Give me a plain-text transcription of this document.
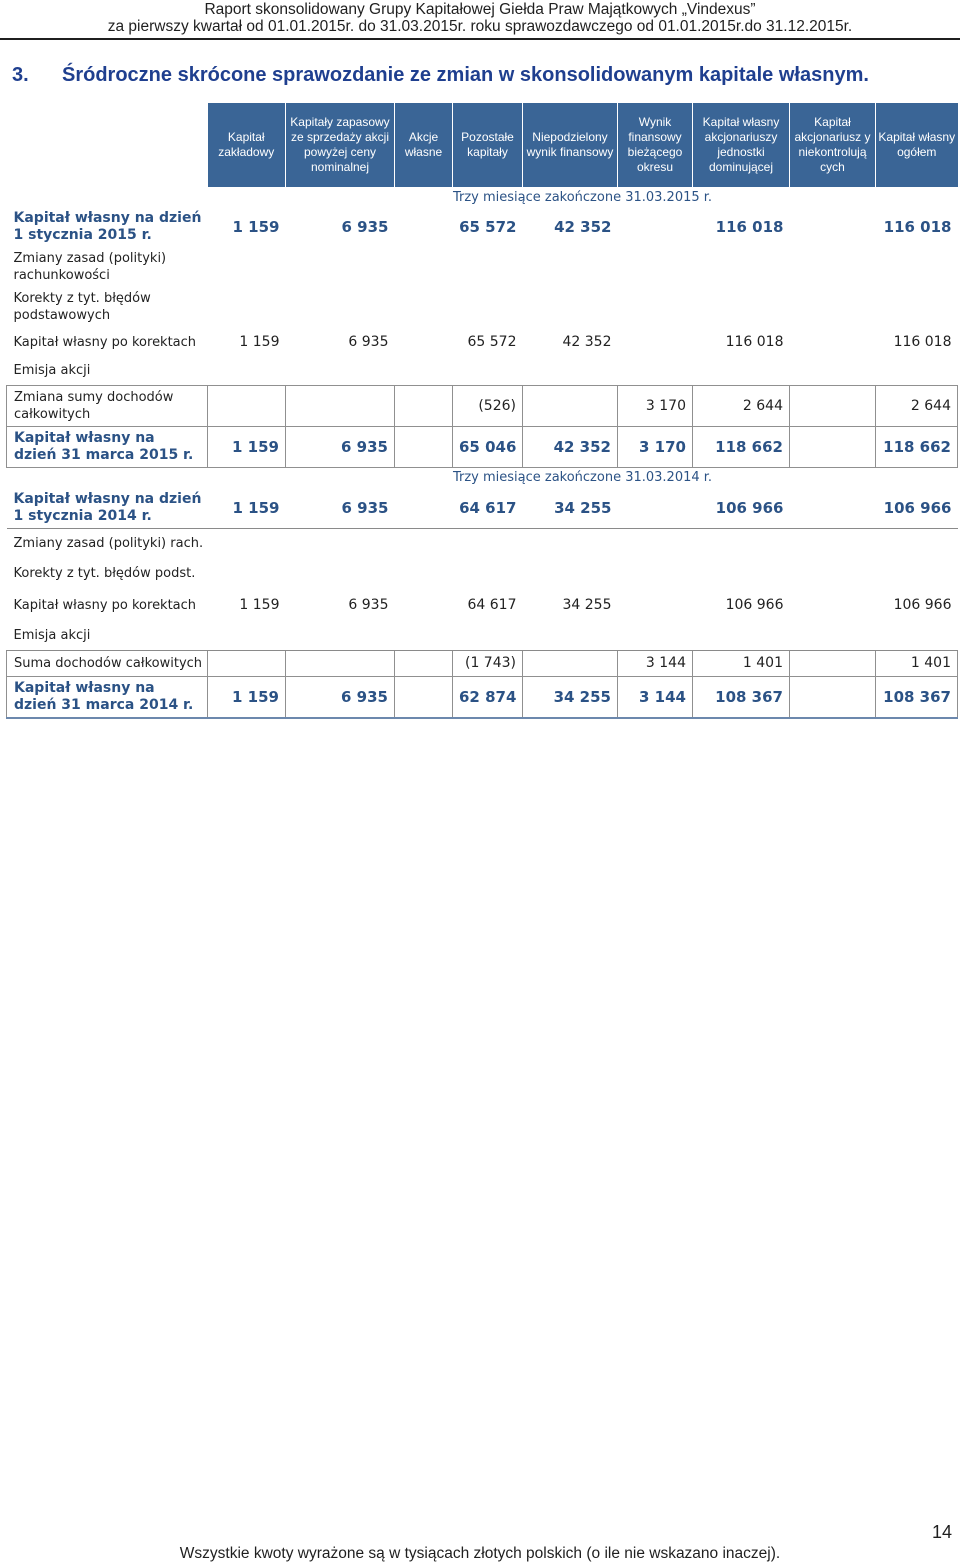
Raport skonsolidowany Grupy Kapitałowej Giełda Praw Majątkowych „Vindexus”
za pierwszy kwartał od 01.01.2015r. do 31.03.2015r. roku sprawozdawczego od 01.01.2015r.do 31.12.2015r.
3. Śródroczne skrócone sprawozdanie ze zmian w skonsolidowanym kapitale własnym.
	Kapitał zakładowy	Kapitały zapasowy ze sprzedaży akcji powyżej ceny nominalnej	Akcje własne	Pozostałe kapitały	Niepodzielony wynik finansowy	Wynik finansowy bieżącego okresu	Kapitał własny akcjonariuszy jednostki dominującej	Kapitał akcjonariusz y niekontrolują cych	Kapitał własny ogółem
	Trzy miesiące zakończone 31.03.2015 r.								
Kapitał własny na dzień 1 stycznia 2015 r.	1 159	6 935		65 572	42 352		116 018		116 018
Zmiany zasad (polityki) rachunkowości									
Korekty z tyt. błędów podstawowych									
Kapitał własny po korektach	1 159	6 935		65 572	42 352		116 018		116 018
Emisja akcji									
Zmiana sumy dochodów całkowitych				(526)		3 170	2 644		2 644
Kapitał własny na dzień 31 marca 2015 r.	1 159	6 935		65 046	42 352	3 170	118 662		118 662
	Trzy miesiące zakończone 31.03.2014 r.								
Kapitał własny na dzień 1 stycznia 2014 r.	1 159	6 935		64 617	34 255		106 966		106 966
Zmiany zasad (polityki) rach.									
Korekty z tyt. błędów podst.									
Kapitał własny po korektach	1 159	6 935		64 617	34 255		106 966		106 966
Emisja akcji									
Suma dochodów całkowitych				(1 743)		3 144	1 401		1 401
Kapitał własny na dzień 31 marca 2014 r.	1 159	6 935		62 874	34 255	3 144	108 367		108 367
14
Wszystkie kwoty wyrażone są w tysiącach złotych polskich (o ile nie wskazano inaczej).
